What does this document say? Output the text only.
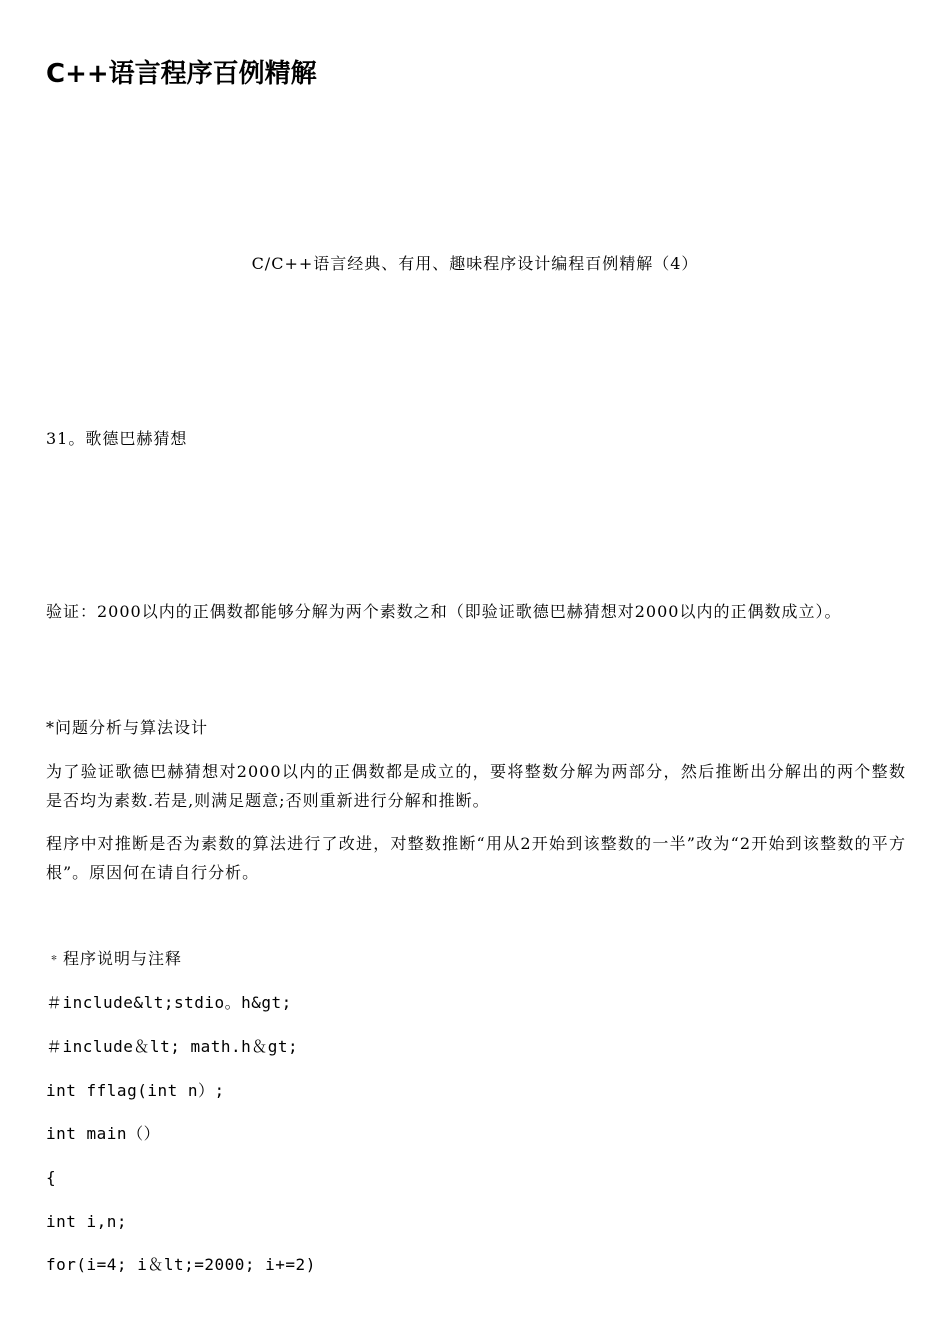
C++语言程序百例精解
C/C++语言经典、有用、趣味程序设计编程百例精解（4）
31。歌德巴赫猜想
验证：2000以内的正偶数都能够分解为两个素数之和（即验证歌德巴赫猜想对2000以内的正偶数成立）。
*问题分析与算法设计
为了验证歌德巴赫猜想对2000以内的正偶数都是成立的，要将整数分解为两部分，然后推断出分解出的两个整数是否均为素数.若是,则满足题意;否则重新进行分解和推断。
程序中对推断是否为素数的算法进行了改进，对整数推断“用从2开始到该整数的一半”改为“2开始到该整数的平方根”。原因何在请自行分析。
﹡程序说明与注释
＃include&lt;stdio。h&gt;
＃include＆lt; math.h＆gt;
int fflag(int n）;
int main（）
{
int i,n;
for(i=4; i＆lt;=2000; i+=2)
